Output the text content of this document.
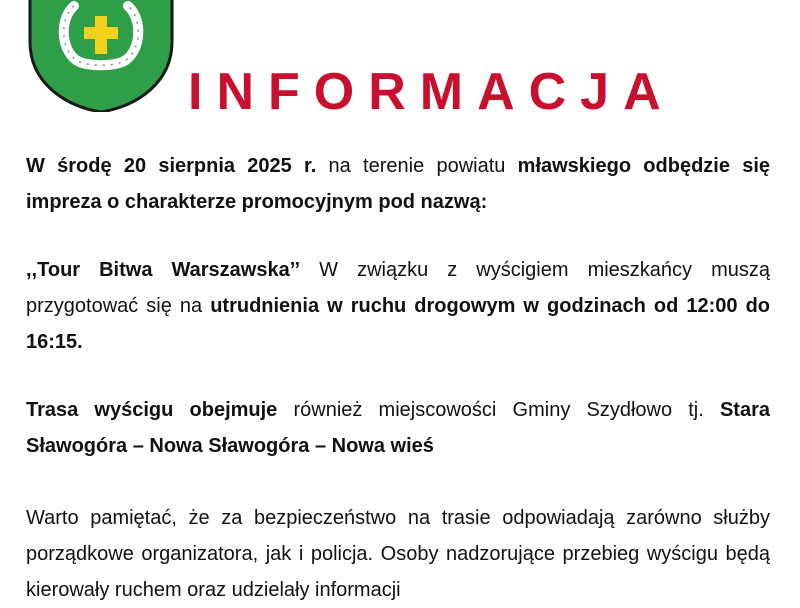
INFORMACJA

W środę 20 sierpnia 2025 r. na terenie powiatu mławskiego odbędzie się impreza o charakterze promocyjnym pod nazwą:

,,Tour Bitwa Warszawska’’ W związku z wyścigiem mieszkańcy muszą przygotować się na utrudnienia w ruchu drogowym w godzinach od 12:00 do 16:15.

Trasa wyścigu obejmuje również miejscowości Gminy Szydłowo tj. Stara Sławogóra – Nowa Sławogóra – Nowa wieś

Warto pamiętać, że za bezpieczeństwo na trasie odpowiadają zarówno służby porządkowe organizatora, jak i policja. Osoby nadzorujące przebieg wyścigu będą kierowały ruchem oraz udzielały informacji
